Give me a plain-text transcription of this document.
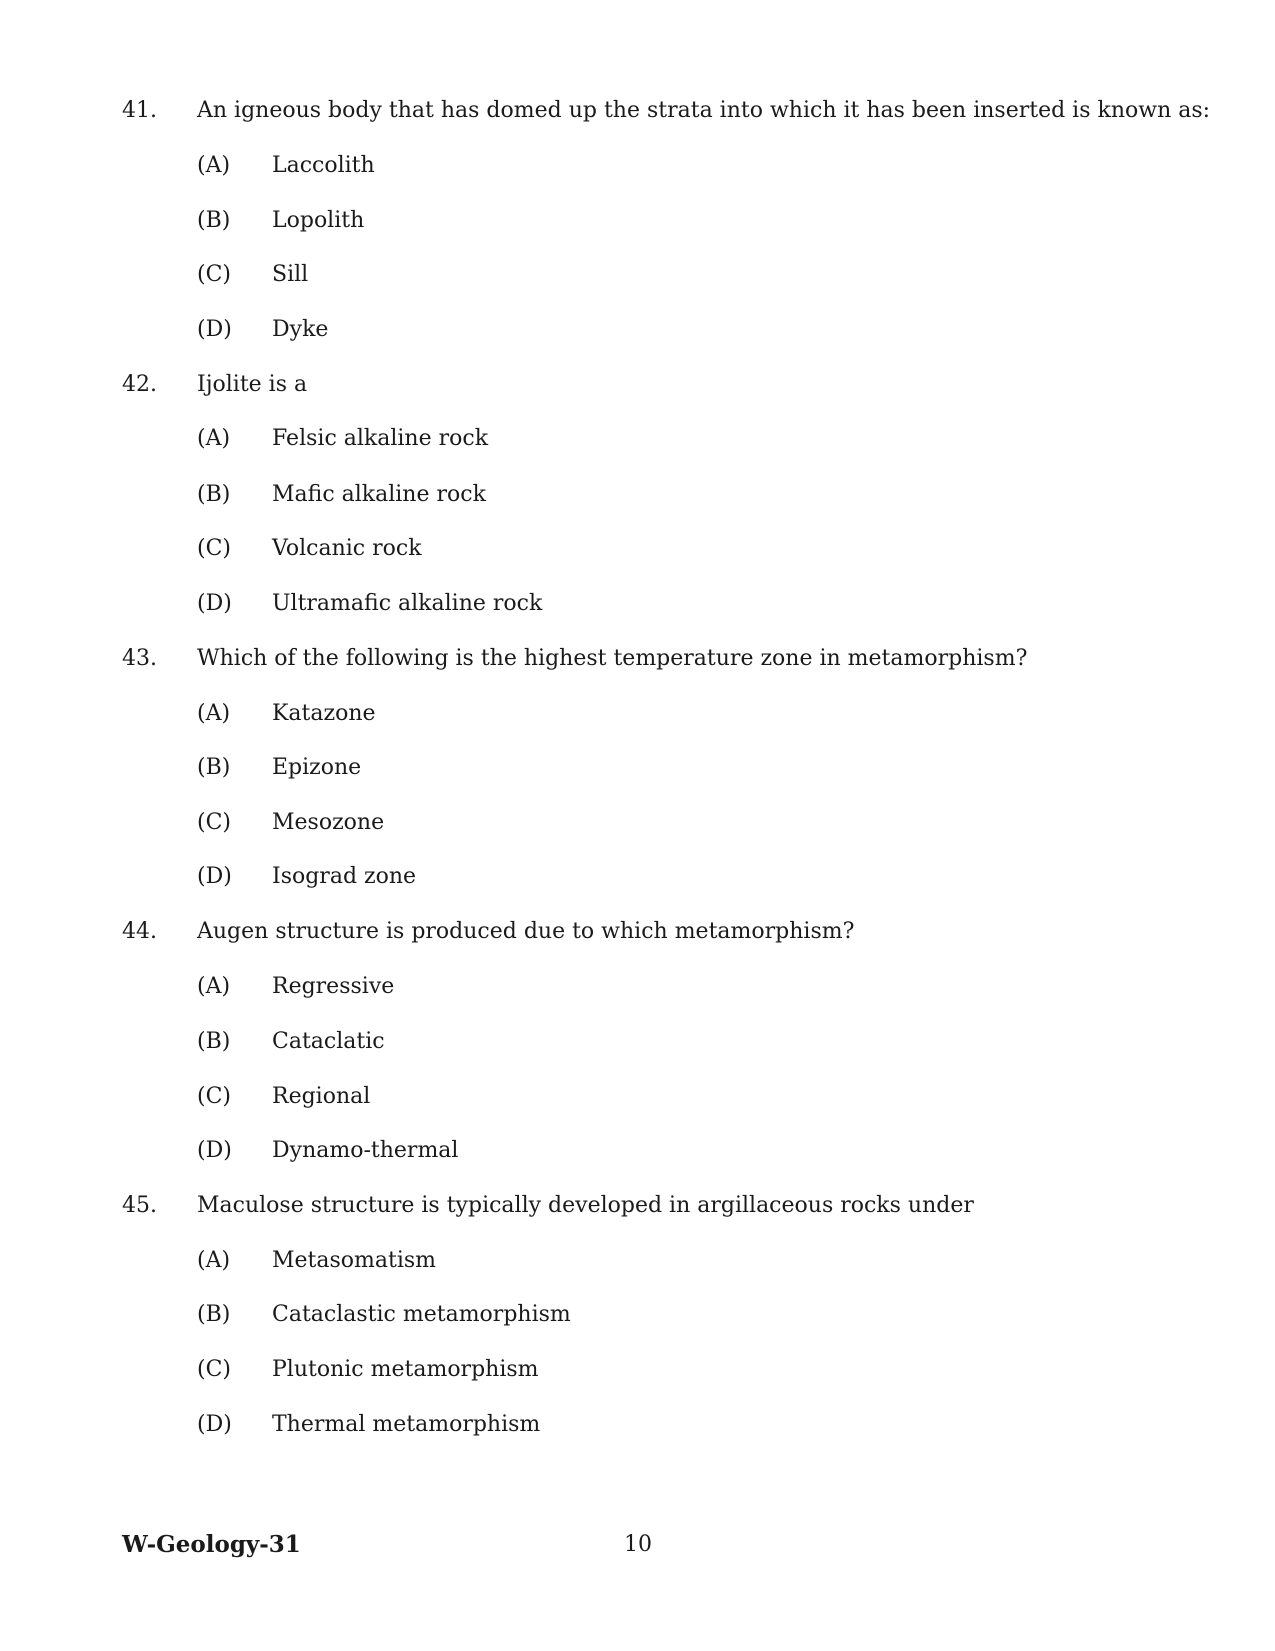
41. An igneous body that has domed up the strata into which it has been inserted is known as:
(A) Laccolith
(B) Lopolith
(C) Sill
(D) Dyke
42. Ijolite is a
(A) Felsic alkaline rock
(B) Mafic alkaline rock
(C) Volcanic rock
(D) Ultramafic alkaline rock
43. Which of the following is the highest temperature zone in metamorphism?
(A) Katazone
(B) Epizone
(C) Mesozone
(D) Isograd zone
44. Augen structure is produced due to which metamorphism?
(A) Regressive
(B) Cataclatic
(C) Regional
(D) Dynamo-thermal
45. Maculose structure is typically developed in argillaceous rocks under
(A) Metasomatism
(B) Cataclastic metamorphism
(C) Plutonic metamorphism
(D) Thermal metamorphism
W-Geology-31	10
